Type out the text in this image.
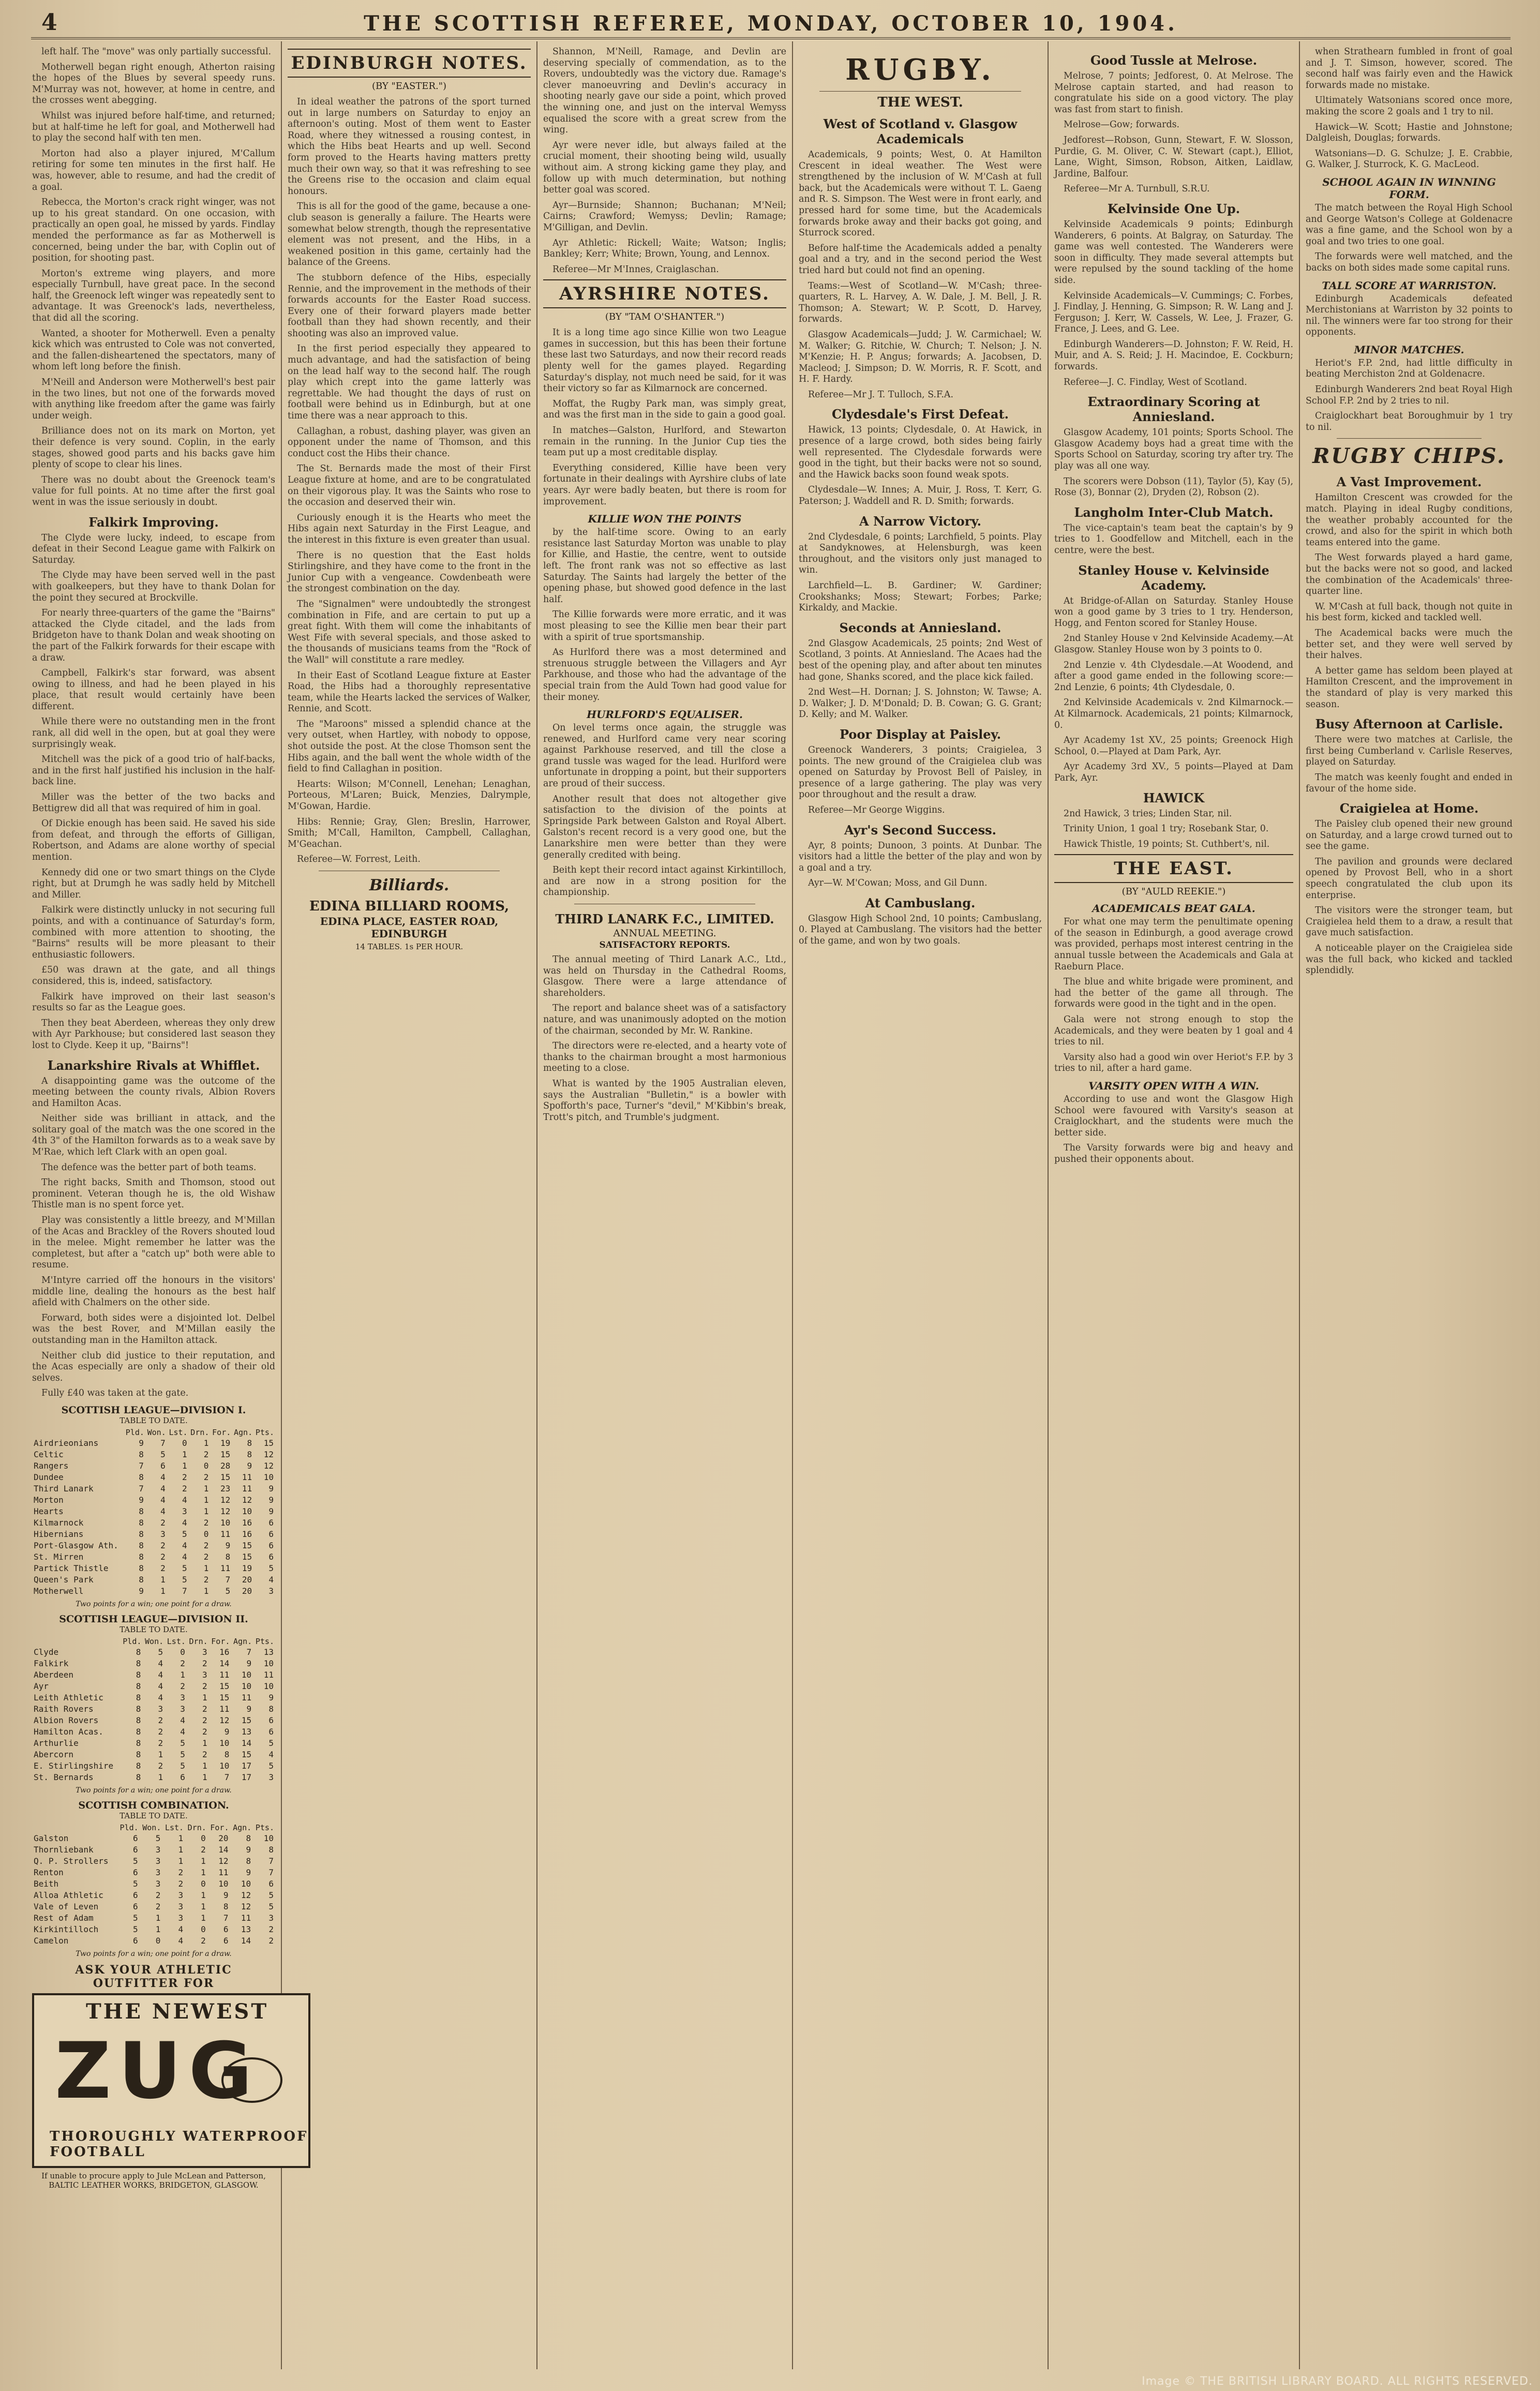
4	THE SCOTTISH REFEREE, MONDAY, OCTOBER 10, 1904.

left half. The "move" was only partially successful.

Motherwell began right enough, Atherton raising the hopes of the Blues by several speedy runs. M'Murray was not, however, at home in centre, and the crosses went abegging.

Whilst was injured before half-time, and returned; but at half-time he left for goal, and Motherwell had to play the second half with ten men.

Morton had also a player injured, M'Callum retiring for some ten minutes in the first half. He was, however, able to resume, and had the credit of a goal.

Rebecca, the Morton's crack right winger, was not up to his great standard. On one occasion, with practically an open goal, he missed by yards. Findlay mended the performance as far as Motherwell is concerned, being under the bar, with Coplin out of position, for shooting past.

Morton's extreme wing players, and more especially Turnbull, have great pace. In the second half, the Greenock left winger was repeatedly sent to advantage. It was Greenock's lads, nevertheless, that did all the scoring.

Wanted, a shooter for Motherwell. Even a penalty kick which was entrusted to Cole was not converted, and the fallen-disheartened the spectators, many of whom left long before the finish.

M'Neill and Anderson were Motherwell's best pair in the two lines, but not one of the forwards moved with anything like freedom after the game was fairly under weigh.

Brilliance does not on its mark on Morton, yet their defence is very sound. Coplin, in the early stages, showed good parts and his backs gave him plenty of scope to clear his lines.

There was no doubt about the Greenock team's value for full points. At no time after the first goal went in was the issue seriously in doubt.

Falkirk Improving.

The Clyde were lucky, indeed, to escape from defeat in their Second League game with Falkirk on Saturday.

The Clyde may have been served well in the past with goalkeepers, but they have to thank Dolan for the point they secured at Brockville.

For nearly three-quarters of the game the "Bairns" attacked the Clyde citadel, and the lads from Bridgeton have to thank Dolan and weak shooting on the part of the Falkirk forwards for their escape with a draw.

Campbell, Falkirk's star forward, was absent owing to illness, and had he been played in his place, that result would certainly have been different.

While there were no outstanding men in the front rank, all did well in the open, but at goal they were surprisingly weak.

Mitchell was the pick of a good trio of half-backs, and in the first half justified his inclusion in the half-back line.

Miller was the better of the two backs and Bettigrew did all that was required of him in goal.

Of Dickie enough has been said. He saved his side from defeat, and through the efforts of Gilligan, Robertson, and Adams are alone worthy of special mention.

Kennedy did one or two smart things on the Clyde right, but at Drumgh he was sadly held by Mitchell and Miller.

Falkirk were distinctly unlucky in not securing full points, and with a continuance of Saturday's form, combined with more attention to shooting, the "Bairns" results will be more pleasant to their enthusiastic followers.

£50 was drawn at the gate, and all things considered, this is, indeed, satisfactory.

Falkirk have improved on their last season's results so far as the League goes.

Then they beat Aberdeen, whereas they only drew with Ayr Parkhouse; but considered last season they lost to Clyde. Keep it up, "Bairns"!

Lanarkshire Rivals at Whifflet.

A disappointing game was the outcome of the meeting between the county rivals, Albion Rovers and Hamilton Acas.

Neither side was brilliant in attack, and the solitary goal of the match was the one scored in the 4th 3" of the Hamilton forwards as to a weak save by M'Rae, which left Clark with an open goal.

The defence was the better part of both teams.

The right backs, Smith and Thomson, stood out prominent. Veteran though he is, the old Wishaw Thistle man is no spent force yet.

Play was consistently a little breezy, and M'Millan of the Acas and Brackley of the Rovers shouted loud in the melee. Might remember he latter was the completest, but after a "catch up" both were able to resume.

M'Intyre carried off the honours in the visitors' middle line, dealing the honours as the best half afield with Chalmers on the other side.

Forward, both sides were a disjointed lot. Delbel was the best Rover, and M'Millan easily the outstanding man in the Hamilton attack.

Neither club did justice to their reputation, and the Acas especially are only a shadow of their old selves.

Fully £40 was taken at the gate.

SCOTTISH LEAGUE—DIVISION I.
TABLE TO DATE.
	Pld.	Won.	Lst.	Drn.	For.	Agn.	Pts.
Airdrieonians	9	7	0	1	19	8	15
Celtic	8	5	1	2	15	8	12
Rangers	7	6	1	0	28	9	12
Dundee	8	4	2	2	15	11	10
Third Lanark	7	4	2	1	23	11	9
Morton	9	4	4	1	12	12	9
Hearts	8	4	3	1	12	10	9
Kilmarnock	8	2	4	2	10	16	6
Hibernians	8	3	5	0	11	16	6
Port-Glasgow Ath.	8	2	4	2	9	15	6
St. Mirren	8	2	4	2	8	15	6
Partick Thistle	8	2	5	1	11	19	5
Queen's Park	8	1	5	2	7	20	4
Motherwell	9	1	7	1	5	20	3
Two points for a win; one point for a draw.
SCOTTISH LEAGUE—DIVISION II.
TABLE TO DATE.
	Pld.	Won.	Lst.	Drn.	For.	Agn.	Pts.
Clyde	8	5	0	3	16	7	13
Falkirk	8	4	2	2	14	9	10
Aberdeen	8	4	1	3	11	10	11
Ayr	8	4	2	2	15	10	10
Leith Athletic	8	4	3	1	15	11	9
Raith Rovers	8	3	3	2	11	9	8
Albion Rovers	8	2	4	2	12	15	6
Hamilton Acas.	8	2	4	2	9	13	6
Arthurlie	8	2	5	1	10	14	5
Abercorn	8	1	5	2	8	15	4
E. Stirlingshire	8	2	5	1	10	17	5
St. Bernards	8	1	6	1	7	17	3
Two points for a win; one point for a draw.
SCOTTISH COMBINATION.
TABLE TO DATE.
	Pld.	Won.	Lst.	Drn.	For.	Agn.	Pts.
Galston	6	5	1	0	20	8	10
Thornliebank	6	3	1	2	14	9	8
Q. P. Strollers	5	3	1	1	12	8	7
Renton	6	3	2	1	11	9	7
Beith	5	3	2	0	10	10	6
Alloa Athletic	6	2	3	1	9	12	5
Vale of Leven	6	2	3	1	8	12	5
Rest of Adam	5	1	3	1	7	11	3
Kirkintilloch	5	1	4	0	6	13	2
Camelon	6	0	4	2	6	14	2
Two points for a win; one point for a draw.
ASK YOUR ATHLETIC OUTFITTER FOR
THE NEWEST
ZUG
THOROUGHLY WATERPROOF FOOTBALL
If unable to procure apply to Jule McLean and Patterson, BALTIC LEATHER WORKS, BRIDGETON, GLASGOW.
EDINBURGH NOTES.
(BY "EASTER.")

In ideal weather the patrons of the sport turned out in large numbers on Saturday to enjoy an afternoon's outing. Most of them went to Easter Road, where they witnessed a rousing contest, in which the Hibs beat Hearts and up well. Second form proved to the Hearts having matters pretty much their own way, so that it was refreshing to see the Greens rise to the occasion and claim equal honours.

This is all for the good of the game, because a one-club season is generally a failure. The Hearts were somewhat below strength, though the representative element was not present, and the Hibs, in a weakened position in this game, certainly had the balance of the Greens.

The stubborn defence of the Hibs, especially Rennie, and the improvement in the methods of their forwards accounts for the Easter Road success. Every one of their forward players made better football than they had shown recently, and their shooting was also an improved value.

In the first period especially they appeared to much advantage, and had the satisfaction of being on the lead half way to the second half. The rough play which crept into the game latterly was regrettable. We had thought the days of rust on football were behind us in Edinburgh, but at one time there was a near approach to this.

Callaghan, a robust, dashing player, was given an opponent under the name of Thomson, and this conduct cost the Hibs their chance.

The St. Bernards made the most of their First League fixture at home, and are to be congratulated on their vigorous play. It was the Saints who rose to the occasion and deserved their win.

Curiously enough it is the Hearts who meet the Hibs again next Saturday in the First League, and the interest in this fixture is even greater than usual.

There is no question that the East holds Stirlingshire, and they have come to the front in the Junior Cup with a vengeance. Cowdenbeath were the strongest combination on the day.

The "Signalmen" were undoubtedly the strongest combination in Fife, and are certain to put up a great fight. With them will come the inhabitants of West Fife with several specials, and those asked to the thousands of musicians teams from the "Rock of the Wall" will constitute a rare medley.

In their East of Scotland League fixture at Easter Road, the Hibs had a thoroughly representative team, while the Hearts lacked the services of Walker, Rennie, and Scott.

The "Maroons" missed a splendid chance at the very outset, when Hartley, with nobody to oppose, shot outside the post. At the close Thomson sent the Hibs again, and the ball went the whole width of the field to find Callaghan in position.

Hearts: Wilson; M'Connell, Lenehan; Lenaghan, Porteous, M'Laren; Buick, Menzies, Dalrymple, M'Gowan, Hardie.

Hibs: Rennie; Gray, Glen; Breslin, Harrower, Smith; M'Call, Hamilton, Campbell, Callaghan, M'Geachan.

Referee—W. Forrest, Leith.

Billiards.
EDINA BILLIARD ROOMS,
EDINA PLACE, EASTER ROAD, EDINBURGH
14 TABLES. 1s PER HOUR.

Shannon, M'Neill, Ramage, and Devlin are deserving specially of commendation, as to the Rovers, undoubtedly was the victory due. Ramage's clever manoeuvring and Devlin's accuracy in shooting nearly gave our side a point, which proved the winning one, and just on the interval Wemyss equalised the score with a great screw from the wing.

Ayr were never idle, but always failed at the crucial moment, their shooting being wild, usually without aim. A strong kicking game they play, and follow up with much determination, but nothing better goal was scored.

Ayr—Burnside; Shannon; Buchanan; M'Neil; Cairns; Crawford; Wemyss; Devlin; Ramage; M'Gilligan, and Devlin.

Ayr Athletic: Rickell; Waite; Watson; Inglis; Bankley; Kerr; White; Brown, Young, and Lennox.

Referee—Mr M'Innes, Craiglaschan.

AYRSHIRE NOTES.
(BY "TAM O'SHANTER.")

It is a long time ago since Killie won two League games in succession, but this has been their fortune these last two Saturdays, and now their record reads plenty well for the games played. Regarding Saturday's display, not much need be said, for it was their victory so far as Kilmarnock are concerned.

Moffat, the Rugby Park man, was simply great, and was the first man in the side to gain a good goal.

In matches—Galston, Hurlford, and Stewarton remain in the running. In the Junior Cup ties the team put up a most creditable display.

Everything considered, Killie have been very fortunate in their dealings with Ayrshire clubs of late years. Ayr were badly beaten, but there is room for improvement.

KILLIE WON THE POINTS

by the half-time score. Owing to an early resistance last Saturday Morton was unable to play for Killie, and Hastie, the centre, went to outside left. The front rank was not so effective as last Saturday. The Saints had largely the better of the opening phase, but showed good defence in the last half.

The Killie forwards were more erratic, and it was most pleasing to see the Killie men bear their part with a spirit of true sportsmanship.

As Hurlford there was a most determined and strenuous struggle between the Villagers and Ayr Parkhouse, and those who had the advantage of the special train from the Auld Town had good value for their money.

HURLFORD'S EQUALISER.

On level terms once again, the struggle was renewed, and Hurlford came very near scoring against Parkhouse reserved, and till the close a grand tussle was waged for the lead. Hurlford were unfortunate in dropping a point, but their supporters are proud of their success.

Another result that does not altogether give satisfaction to the division of the points at Springside Park between Galston and Royal Albert. Galston's recent record is a very good one, but the Lanarkshire men were better than they were generally credited with being.

Beith kept their record intact against Kirkintilloch, and are now in a strong position for the championship.

THIRD LANARK F.C., LIMITED.
ANNUAL MEETING.
SATISFACTORY REPORTS.

The annual meeting of Third Lanark A.C., Ltd., was held on Thursday in the Cathedral Rooms, Glasgow. There were a large attendance of shareholders.

The report and balance sheet was of a satisfactory nature, and was unanimously adopted on the motion of the chairman, seconded by Mr. W. Rankine.

The directors were re-elected, and a hearty vote of thanks to the chairman brought a most harmonious meeting to a close.

What is wanted by the 1905 Australian eleven, says the Australian "Bulletin," is a bowler with Spofforth's pace, Turner's "devil," M'Kibbin's break, Trott's pitch, and Trumble's judgment.

RUGBY.
THE WEST.
West of Scotland v. Glasgow Academicals

Academicals, 9 points; West, 0. At Hamilton Crescent in ideal weather. The West were strengthened by the inclusion of W. M'Cash at full back, but the Academicals were without T. L. Gaeng and R. S. Simpson. The West were in front early, and pressed hard for some time, but the Academicals forwards broke away and their backs got going, and Sturrock scored.

Before half-time the Academicals added a penalty goal and a try, and in the second period the West tried hard but could not find an opening.

Teams:—West of Scotland—W. M'Cash; three-quarters, R. L. Harvey, A. W. Dale, J. M. Bell, J. R. Thomson; A. Stewart; W. P. Scott, D. Harvey, forwards.

Glasgow Academicals—Judd; J. W. Carmichael; W. M. Walker; G. Ritchie, W. Church; T. Nelson; J. N. M'Kenzie; H. P. Angus; forwards; A. Jacobsen, D. Macleod; J. Simpson; D. W. Morris, R. F. Scott, and H. F. Hardy.

Referee—Mr J. T. Tulloch, S.F.A.

Clydesdale's First Defeat.

Hawick, 13 points; Clydesdale, 0. At Hawick, in presence of a large crowd, both sides being fairly well represented. The Clydesdale forwards were good in the tight, but their backs were not so sound, and the Hawick backs soon found weak spots.

Clydesdale—W. Innes; A. Muir, J. Ross, T. Kerr, G. Paterson; J. Waddell and R. D. Smith; forwards.

A Narrow Victory.

2nd Clydesdale, 6 points; Larchfield, 5 points. Play at Sandyknowes, at Helensburgh, was keen throughout, and the visitors only just managed to win.

Larchfield—L. B. Gardiner; W. Gardiner; Crookshanks; Moss; Stewart; Forbes; Parke; Kirkaldy, and Mackie.

Seconds at Anniesland.

2nd Glasgow Academicals, 25 points; 2nd West of Scotland, 3 points. At Anniesland. The Acaes had the best of the opening play, and after about ten minutes had gone, Shanks scored, and the place kick failed.

2nd West—H. Dornan; J. S. Johnston; W. Tawse; A. D. Walker; J. D. M'Donald; D. B. Cowan; G. G. Grant; D. Kelly; and M. Walker.

Poor Display at Paisley.

Greenock Wanderers, 3 points; Craigielea, 3 points. The new ground of the Craigielea club was opened on Saturday by Provost Bell of Paisley, in presence of a large gathering. The play was very poor throughout and the result a draw.

Referee—Mr George Wiggins.

Ayr's Second Success.

Ayr, 8 points; Dunoon, 3 points. At Dunbar. The visitors had a little the better of the play and won by a goal and a try.

Ayr—W. M'Cowan; Moss, and Gil Dunn.

At Cambuslang.

Glasgow High School 2nd, 10 points; Cambuslang, 0. Played at Cambuslang. The visitors had the better of the game, and won by two goals.

Good Tussle at Melrose.

Melrose, 7 points; Jedforest, 0. At Melrose. The Melrose captain started, and had reason to congratulate his side on a good victory. The play was fast from start to finish.

Melrose—Gow; forwards.

Jedforest—Robson, Gunn, Stewart, F. W. Slosson, Purdie, G. M. Oliver, C. W. Stewart (capt.), Elliot, Lane, Wight, Simson, Robson, Aitken, Laidlaw, Jardine, Balfour.

Referee—Mr A. Turnbull, S.R.U.

Kelvinside One Up.

Kelvinside Academicals 9 points; Edinburgh Wanderers, 6 points. At Balgray, on Saturday. The game was well contested. The Wanderers were soon in difficulty. They made several attempts but were repulsed by the sound tackling of the home side.

Kelvinside Academicals—V. Cummings; C. Forbes, J. Findlay, J. Henning, G. Simpson; R. W. Lang and J. Ferguson; J. Kerr, W. Cassels, W. Lee, J. Frazer, G. France, J. Lees, and G. Lee.

Edinburgh Wanderers—D. Johnston; F. W. Reid, H. Muir, and A. S. Reid; J. H. Macindoe, E. Cockburn; forwards.

Referee—J. C. Findlay, West of Scotland.

Extraordinary Scoring at Anniesland.

Glasgow Academy, 101 points; Sports School. The Glasgow Academy boys had a great time with the Sports School on Saturday, scoring try after try. The play was all one way.

The scorers were Dobson (11), Taylor (5), Kay (5), Rose (3), Bonnar (2), Dryden (2), Robson (2).

Langholm Inter-Club Match.

The vice-captain's team beat the captain's by 9 tries to 1. Goodfellow and Mitchell, each in the centre, were the best.

Stanley House v. Kelvinside Academy.

At Bridge-of-Allan on Saturday. Stanley House won a good game by 3 tries to 1 try. Henderson, Hogg, and Fenton scored for Stanley House.

2nd Stanley House v 2nd Kelvinside Academy.—At Glasgow. Stanley House won by 3 points to 0.

2nd Lenzie v. 4th Clydesdale.—At Woodend, and after a good game ended in the following score:—2nd Lenzie, 6 points; 4th Clydesdale, 0.

2nd Kelvinside Academicals v. 2nd Kilmarnock.—At Kilmarnock. Academicals, 21 points; Kilmarnock, 0.

Ayr Academy 1st XV., 25 points; Greenock High School, 0.—Played at Dam Park, Ayr.

Ayr Academy 3rd XV., 5 points—Played at Dam Park, Ayr.

HAWICK

2nd Hawick, 3 tries; Linden Star, nil.

Trinity Union, 1 goal 1 try; Rosebank Star, 0.

Hawick Thistle, 19 points; St. Cuthbert's, nil.

THE EAST.
(BY "AULD REEKIE.")
ACADEMICALS BEAT GALA.

For what one may term the penultimate opening of the season in Edinburgh, a good average crowd was provided, perhaps most interest centring in the annual tussle between the Academicals and Gala at Raeburn Place.

The blue and white brigade were prominent, and had the better of the game all through. The forwards were good in the tight and in the open.

Gala were not strong enough to stop the Academicals, and they were beaten by 1 goal and 4 tries to nil.

Varsity also had a good win over Heriot's F.P. by 3 tries to nil, after a hard game.

VARSITY OPEN WITH A WIN.

According to use and wont the Glasgow High School were favoured with Varsity's season at Craiglockhart, and the students were much the better side.

The Varsity forwards were big and heavy and pushed their opponents about.

when Strathearn fumbled in front of goal and J. T. Simson, however, scored. The second half was fairly even and the Hawick forwards made no mistake.

Ultimately Watsonians scored once more, making the score 2 goals and 1 try to nil.

Hawick—W. Scott; Hastie and Johnstone; Dalgleish, Douglas; forwards.

Watsonians—D. G. Schulze; J. E. Crabbie, G. Walker, J. Sturrock, K. G. MacLeod.

SCHOOL AGAIN IN WINNING FORM.

The match between the Royal High School and George Watson's College at Goldenacre was a fine game, and the School won by a goal and two tries to one goal.

The forwards were well matched, and the backs on both sides made some capital runs.

TALL SCORE AT WARRISTON.

Edinburgh Academicals defeated Merchistonians at Warriston by 32 points to nil. The winners were far too strong for their opponents.

MINOR MATCHES.

Heriot's F.P. 2nd, had little difficulty in beating Merchiston 2nd at Goldenacre.

Edinburgh Wanderers 2nd beat Royal High School F.P. 2nd by 2 tries to nil.

Craiglockhart beat Boroughmuir by 1 try to nil.

RUGBY CHIPS.
A Vast Improvement.

Hamilton Crescent was crowded for the match. Playing in ideal Rugby conditions, the weather probably accounted for the crowd, and also for the spirit in which both teams entered into the game.

The West forwards played a hard game, but the backs were not so good, and lacked the combination of the Academicals' three-quarter line.

W. M'Cash at full back, though not quite in his best form, kicked and tackled well.

The Academical backs were much the better set, and they were well served by their halves.

A better game has seldom been played at Hamilton Crescent, and the improvement in the standard of play is very marked this season.

Busy Afternoon at Carlisle.

There were two matches at Carlisle, the first being Cumberland v. Carlisle Reserves, played on Saturday.

The match was keenly fought and ended in favour of the home side.

Craigielea at Home.

The Paisley club opened their new ground on Saturday, and a large crowd turned out to see the game.

The pavilion and grounds were declared opened by Provost Bell, who in a short speech congratulated the club upon its enterprise.

The visitors were the stronger team, but Craigielea held them to a draw, a result that gave much satisfaction.

A noticeable player on the Craigielea side was the full back, who kicked and tackled splendidly.

Image © THE BRITISH LIBRARY BOARD. ALL RIGHTS RESERVED.
